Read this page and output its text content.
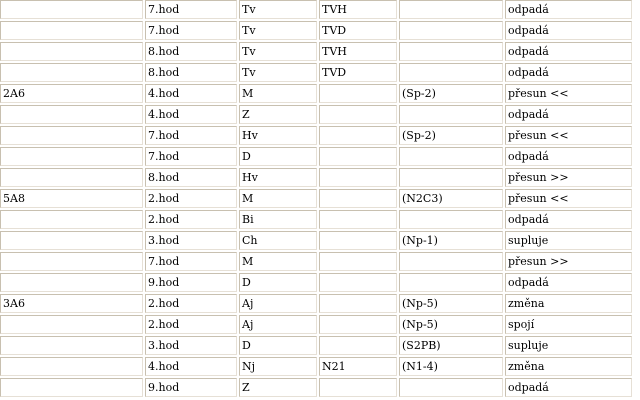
	7.hod	Tv	TVH		odpadá
	7.hod	Tv	TVD		odpadá
	8.hod	Tv	TVH		odpadá
	8.hod	Tv	TVD		odpadá
2A6	4.hod	M		(Sp-2)	přesun <<
	4.hod	Z			odpadá
	7.hod	Hv		(Sp-2)	přesun <<
	7.hod	D			odpadá
	8.hod	Hv			přesun >>
5A8	2.hod	M		(N2C3)	přesun <<
	2.hod	Bi			odpadá
	3.hod	Ch		(Np-1)	supluje
	7.hod	M			přesun >>
	9.hod	D			odpadá
3A6	2.hod	Aj		(Np-5)	změna
	2.hod	Aj		(Np-5)	spojí
	3.hod	D		(S2PB)	supluje
	4.hod	Nj	N21	(N1-4)	změna
	9.hod	Z			odpadá
